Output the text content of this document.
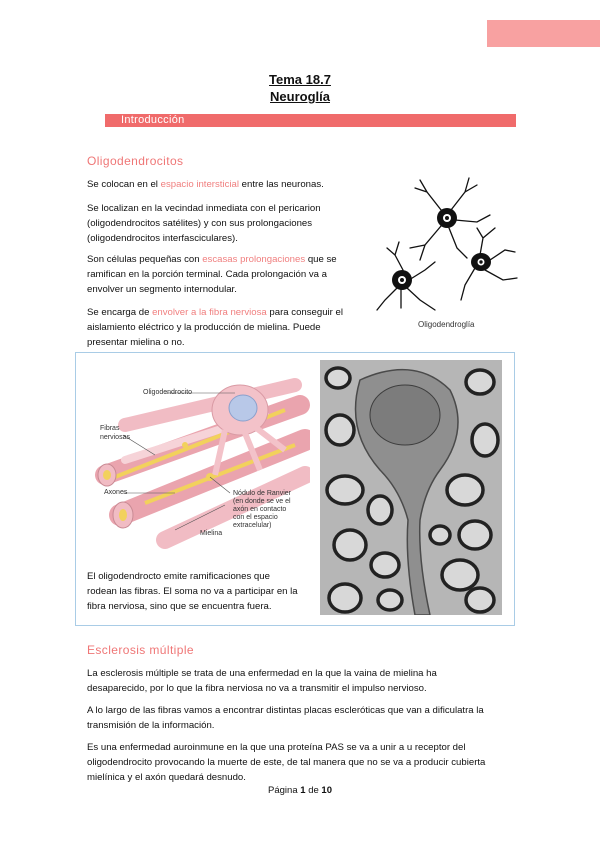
Tema 18.7
Neuroglía
Introducción
Oligodendrocitos
Se colocan en el espacio intersticial entre las neuronas.
Se localizan en la vecindad inmediata con el pericarion
(oligodendrocitos satélites) y con sus prolongaciones
(oligodendrocitos interfasciculares).
Son células pequeñas con escasas prolongaciones que se
ramifican en la porción terminal. Cada prolongación va a
envolver un segmento internodular.
Se encarga de envolver a la fibra nerviosa para conseguir el
aislamiento eléctrico y la producción de mielina. Puede
presentar mielina o no.
Oligodendroglía
Oligodendrocito
Fibras
nerviosas
Axones	Nódulo de Ranvier
(en donde se ve el
axón en contacto
con el espacio
extracelular)
Mielina
El oligodendrocto emite ramificaciones que
rodean las fibras. El soma no va a participar en la
fibra nerviosa, sino que se encuentra fuera.
Esclerosis múltiple
La esclerosis múltiple se trata de una enfermedad en la que la vaina de mielina ha
desaparecido, por lo que la fibra nerviosa no va a transmitir el impulso nervioso.
A lo largo de las fibras vamos a encontrar distintas placas escleróticas que van a dificulatra la
transmisión de la información.
Es una enfermedad auroinmune en la que una proteína PAS se va a unir a u receptor del
oligodendrocito provocando la muerte de este, de tal manera que no se va a producir cubierta
mielínica y el axón quedará desnudo.
Página 1 de 10
